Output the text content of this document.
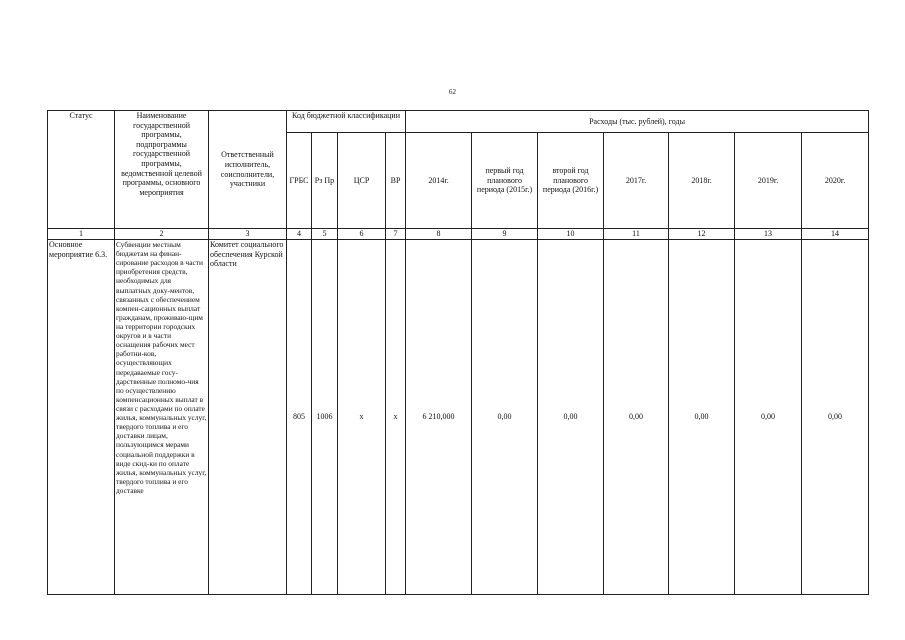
62
Статус	Наименование государственной программы, подпрограммы государственной программы, ведомственной целевой программы, основного мероприятия	Ответственный исполнитель, соисполнители, участники	Код бюджетной классификации				Расходы (тыс. рублей), годы						
			ГРБС	Рз Пр	ЦСР	ВР	2014г.	первый год планового периода (2015г.)	второй год планового периода (2016г.)	2017г.	2018г.	2019г.	2020г.
1	2	3	4	5	6	7	8	9	10	11	12	13	14
Основное мероприятие 6.3.	Субвенции местным бюджетам на финан-сирование расходов в части приобретения средств, необходимых для выплатных доку-ментов, связанных с обеспечением компен-сационных выплат гражданам, проживаю-щим на территории городских округов и в части оснащения рабочих мест работни-ков, осуществляющих передаваемые госу-дарственные полномо-чия по осуществлению компенсационных выплат в связи с расходами по оплате жилья, коммунальных услуг, твердого топлива и его доставки лицам, пользующимся мерами социальной поддержки в виде скид-ки по оплате жилья, коммунальных услуг, твердого топлива и его доставке	Комитет социального обеспечения Курской области	805	1006	х	х	6 210,000	0,00	0,00	0,00	0,00	0,00	0,00
